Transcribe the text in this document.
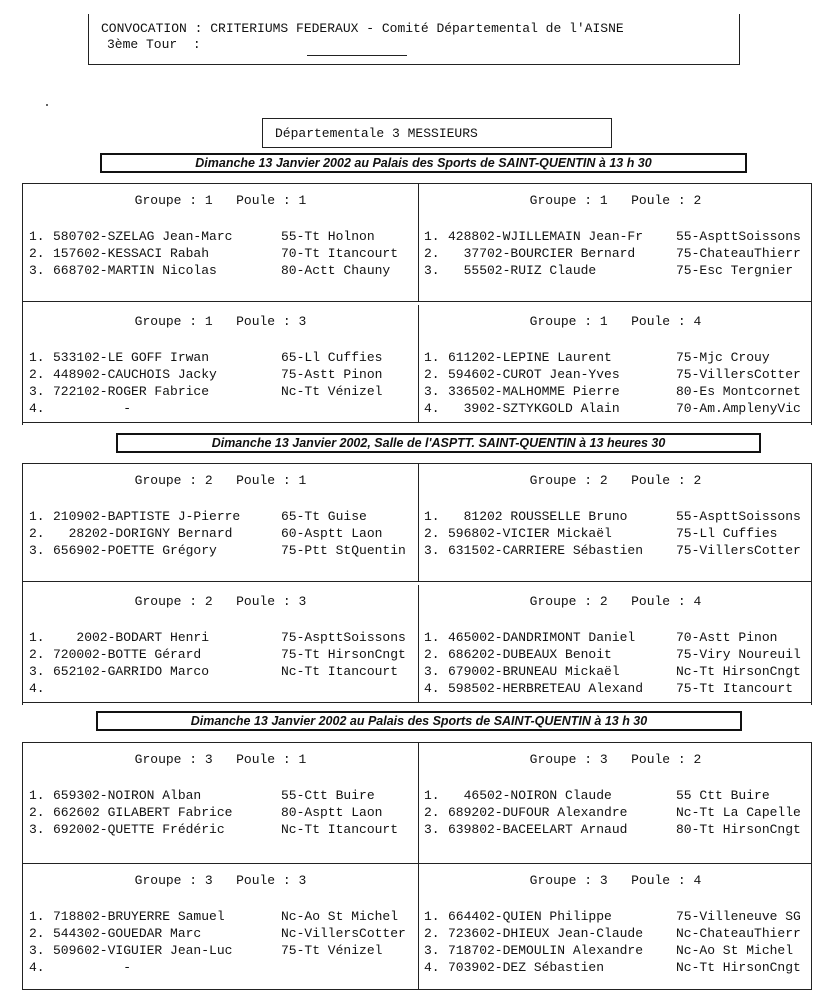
CONVOCATION : CRITERIUMS FEDERAUX - Comité Départemental de l'AISNE
3ème Tour  :
Départementale 3 MESSIEURS
Dimanche 13 Janvier 2002 au Palais des Sports de SAINT-QUENTIN à 13 h 30
Dimanche 13 Janvier 2002, Salle de l'ASPTT. SAINT-QUENTIN à 13 heures 30
Dimanche 13 Janvier 2002 au Palais des Sports de SAINT-QUENTIN à 13 h 30
Groupe : 1   Poule : 1
1. 580702-SZELAG Jean-Marc	55-Tt Holnon
2. 157602-KESSACI Rabah	70-Tt Itancourt
3. 668702-MARTIN Nicolas	80-Actt Chauny
Groupe : 1   Poule : 2
1. 428802-WJILLEMAIN Jean-Fr	55-AspttSoissons
2. 37702-BOURCIER Bernard	75-ChateauThierr
3. 55502-RUIZ Claude	75-Esc Tergnier
Groupe : 1   Poule : 3
1. 533102-LE GOFF Irwan	65-Ll Cuffies
2. 448902-CAUCHOIS Jacky	75-Astt Pinon
3. 722102-ROGER Fabrice	Nc-Tt Vénizel
4. -
Groupe : 1   Poule : 4
1. 611202-LEPINE Laurent	75-Mjc Crouy
2. 594602-CUROT Jean-Yves	75-VillersCotter
3. 336502-MALHOMME Pierre	80-Es Montcornet
4. 3902-SZTYKGOLD Alain	70-Am.AmplenyVic
Groupe : 2   Poule : 1
1. 210902-BAPTISTE J-Pierre	65-Tt Guise
2. 28202-DORIGNY Bernard	60-Asptt Laon
3. 656902-POETTE Grégory	75-Ptt StQuentin
Groupe : 2   Poule : 2
1. 81202 ROUSSELLE Bruno	55-AspttSoissons
2. 596802-VICIER Mickaël	75-Ll Cuffies
3. 631502-CARRIERE Sébastien	75-VillersCotter
Groupe : 2   Poule : 3
1. 2002-BODART Henri	75-AspttSoissons
2. 720002-BOTTE Gérard	75-Tt HirsonCngt
3. 652102-GARRIDO Marco	Nc-Tt Itancourt
4.
Groupe : 2   Poule : 4
1. 465002-DANDRIMONT Daniel	70-Astt Pinon
2. 686202-DUBEAUX Benoit	75-Viry Noureuil
3. 679002-BRUNEAU Mickaël	Nc-Tt HirsonCngt
4. 598502-HERBRETEAU Alexand	75-Tt Itancourt
Groupe : 3   Poule : 1
1. 659302-NOIRON Alban	55-Ctt Buire
2. 662602 GILABERT Fabrice	80-Asptt Laon
3. 692002-QUETTE Frédéric	Nc-Tt Itancourt
Groupe : 3   Poule : 2
1. 46502-NOIRON Claude	55 Ctt Buire
2. 689202-DUFOUR Alexandre	Nc-Tt La Capelle
3. 639802-BACEELART Arnaud	80-Tt HirsonCngt
Groupe : 3   Poule : 3
1. 718802-BRUYERRE Samuel	Nc-Ao St Michel
2. 544302-GOUEDAR Marc	Nc-VillersCotter
3. 509602-VIGUIER Jean-Luc	75-Tt Vénizel
4. -
Groupe : 3   Poule : 4
1. 664402-QUIEN Philippe	75-Villeneuve SG
2. 723602-DHIEUX Jean-Claude	Nc-ChateauThierr
3. 718702-DEMOULIN Alexandre	Nc-Ao St Michel
4. 703902-DEZ Sébastien	Nc-Tt HirsonCngt
